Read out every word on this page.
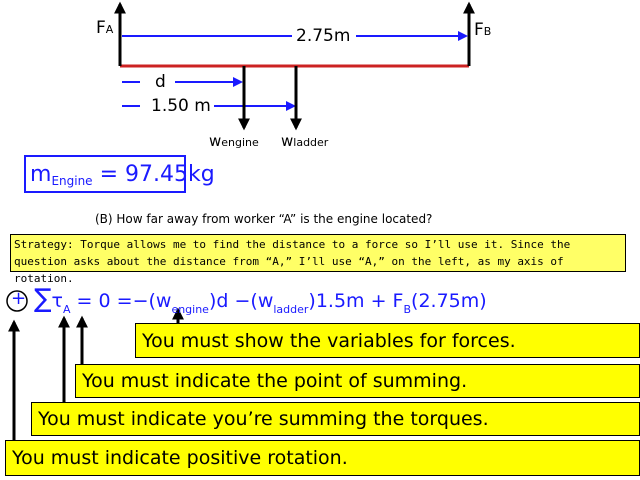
FA	FB
2.75m
d
1.50 m
wengine wladder
m Engine
= 97.45kg
(B) How far away from worker “A” is the engine located?
Strategy: Torque allows me to find the distance to a force so I’ll use it. Since the question asks about the distance from “A,” I’ll use “A,” on the left, as my axis of rotation.
+ $\sum\tau_A = 0 =-(w_{engine})d -(w_{ladder})1.5m + F_B(2.75m)$
You must show the variables for forces.
You must indicate the point of summing.
You must indicate you’re summing the torques.
You must indicate positive rotation.
